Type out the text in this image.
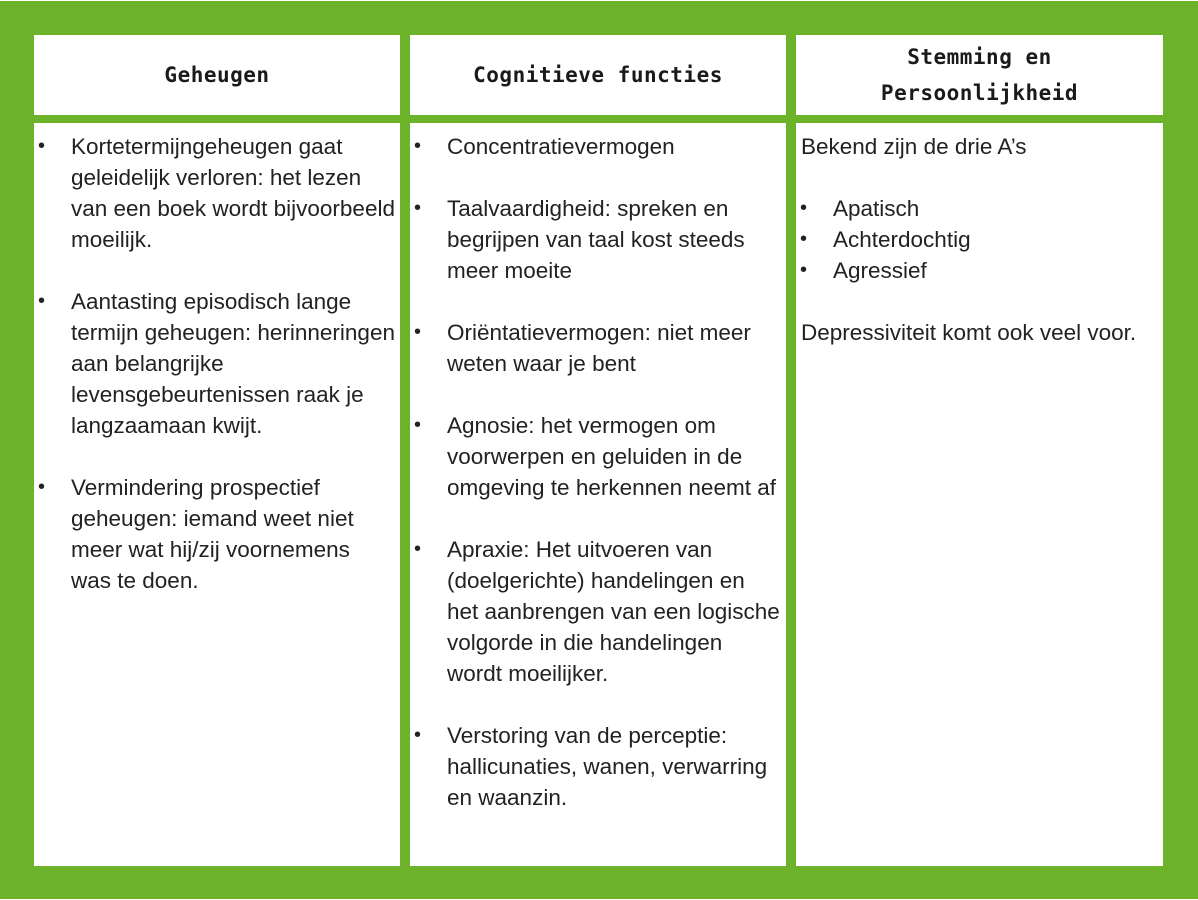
Geheugen	Cognitieve functies
Stemming en
Persoonlijkheid
• Kortetermijngeheugen gaat geleidelijk verloren: het lezen van een boek wordt bijvoorbeeld moeilijk.
• Aantasting episodisch lange termijn geheugen: herinneringen aan belangrijke levensgebeurtenissen raak je langzaamaan kwijt.
• Vermindering prospectief geheugen: iemand weet niet meer wat hij/zij voornemens was te doen.
• Concentratievermogen
• Taalvaardigheid: spreken en begrijpen van taal kost steeds meer moeite
• Oriëntatievermogen: niet meer weten waar je bent
• Agnosie: het vermogen om voorwerpen en geluiden in de omgeving te herkennen neemt af
• Apraxie: Het uitvoeren van (doelgerichte) handelingen en het aanbrengen van een logische volgorde in die handelingen wordt moeilijker.
• Verstoring van de perceptie: hallicunaties, wanen, verwarring en waanzin.

Bekend zijn de drie A’s

• Apatisch
• Achterdochtig
• Agressief

Depressiviteit komt ook veel voor.
